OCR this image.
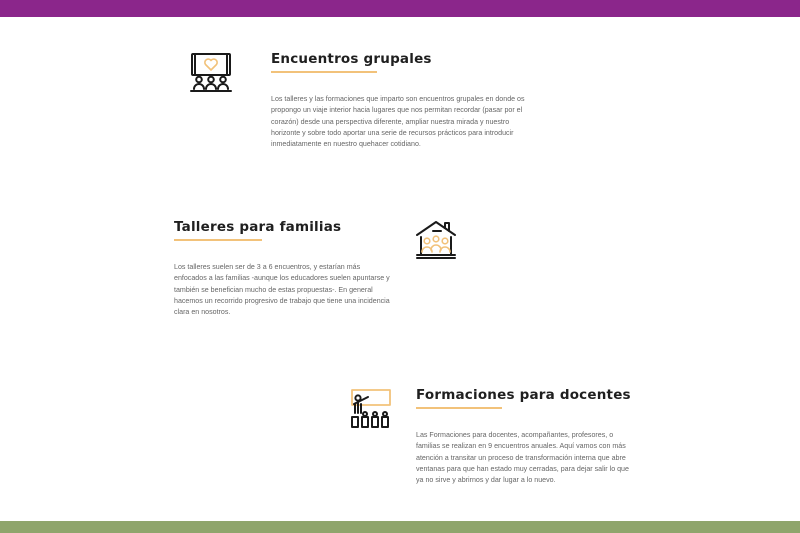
Encuentros grupales

Los talleres y las formaciones que imparto son encuentros grupales en donde os propongo un viaje interior hacia lugares que nos permitan recordar (pasar por el corazón) desde una perspectiva diferente, ampliar nuestra mirada y nuestro horizonte y sobre todo aportar una serie de recursos prácticos para introducir inmediatamente en nuestro quehacer cotidiano.

Talleres para familias

Los talleres suelen ser de 3 a 6 encuentros, y estarían más enfocados a las familias -aunque los educadores suelen apuntarse y también se benefician mucho de estas propuestas-. En general hacemos un recorrido progresivo de trabajo que tiene una incidencia clara en nosotros.

Formaciones para docentes

Las Formaciones para docentes, acompañantes, profesores, o familias se realizan en 9 encuentros anuales. Aquí vamos con más atención a transitar un proceso de transformación interna que abre ventanas para que han estado muy cerradas, para dejar salir lo que ya no sirve y abrirnos y dar lugar a lo nuevo.
